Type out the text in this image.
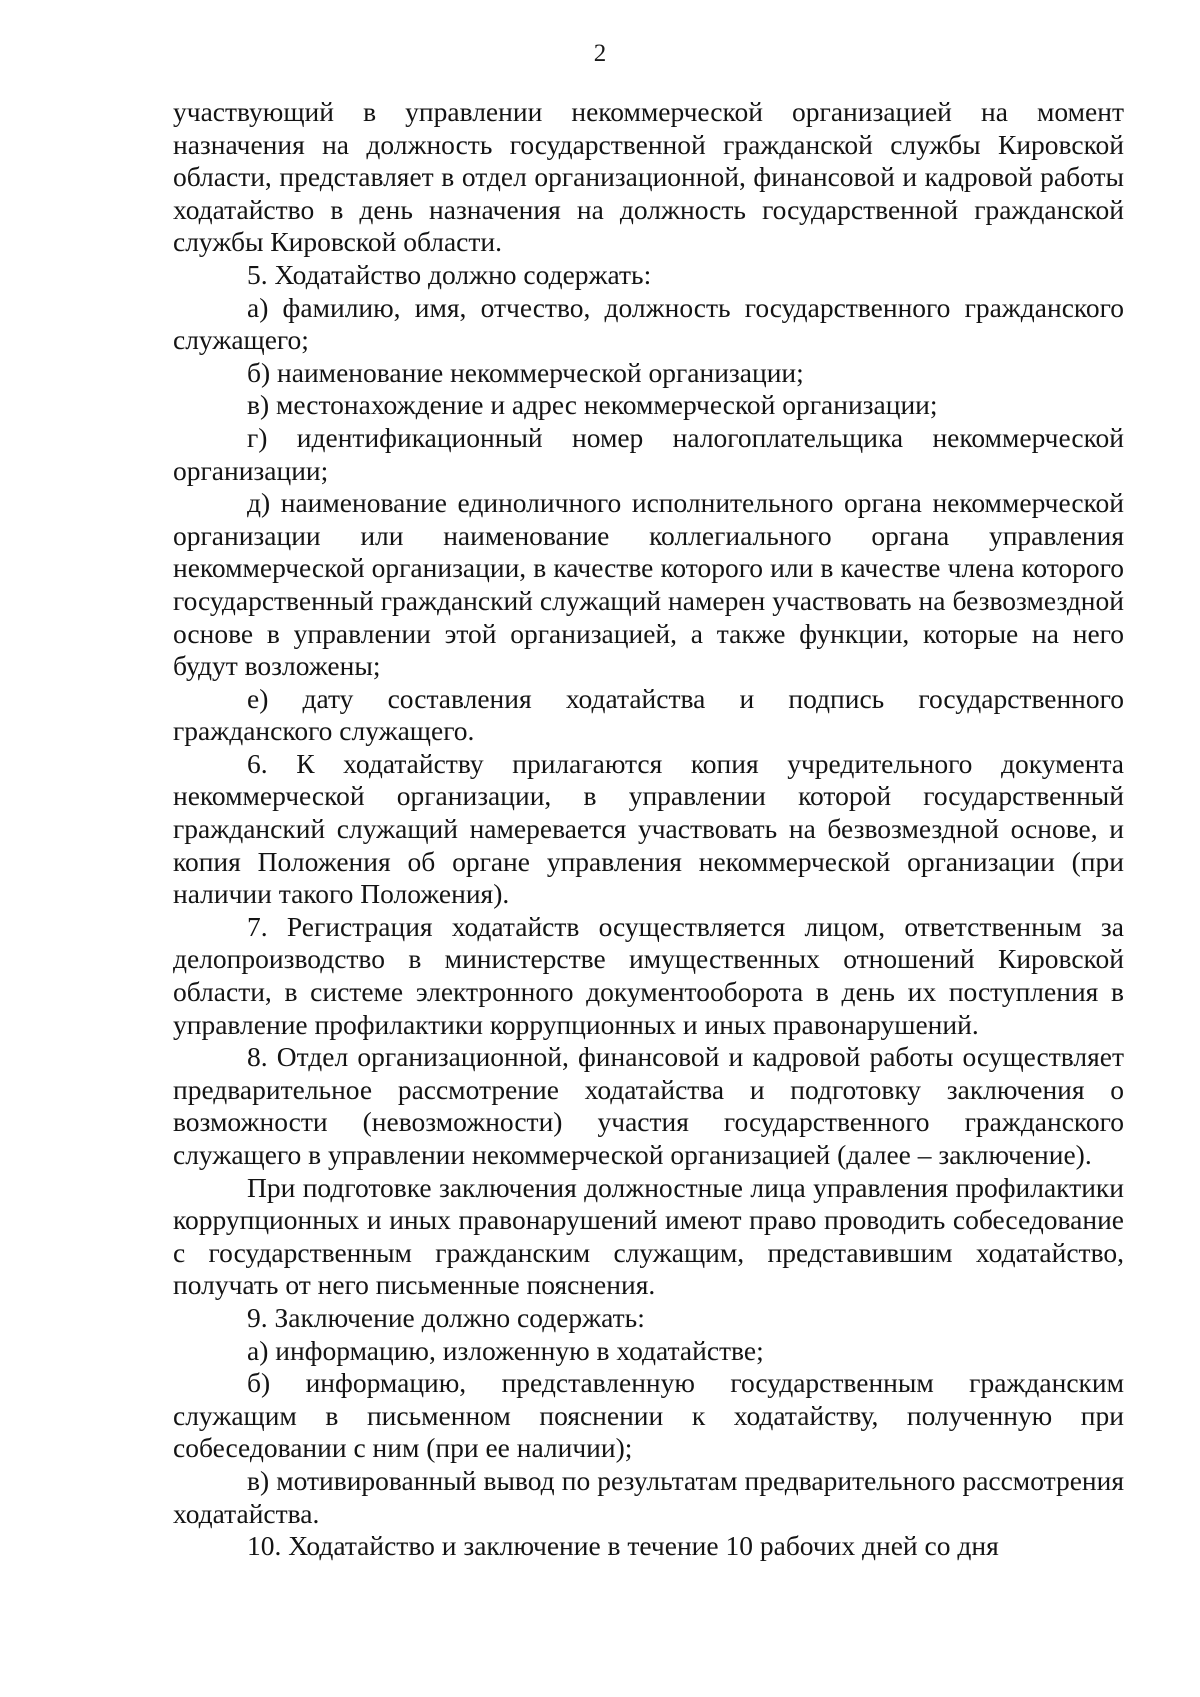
2

участвующий в управлении некоммерческой организацией на момент назначения на должность государственной гражданской службы Кировской области, представляет в отдел организационной, финансовой и кадровой работы ходатайство в день назначения на должность государственной гражданской службы Кировской области.

5. Ходатайство должно содержать:

а) фамилию, имя, отчество, должность государственного гражданского служащего;

б) наименование некоммерческой организации;

в) местонахождение и адрес некоммерческой организации;

г) идентификационный номер налогоплательщика некоммерческой организации;

д) наименование единоличного исполнительного органа некоммерческой организации или наименование коллегиального органа управления некоммерческой организации, в качестве которого или в качестве члена которого государственный гражданский служащий намерен участвовать на безвозмездной основе в управлении этой организацией, а также функции, которые на него будут возложены;

е) дату составления ходатайства и подпись государственного гражданского служащего.

6. К ходатайству прилагаются копия учредительного документа некоммерческой организации, в управлении которой государственный гражданский служащий намеревается участвовать на безвозмездной основе, и копия Положения об органе управления некоммерческой организации (при наличии такого Положения).

7. Регистрация ходатайств осуществляется лицом, ответственным за делопроизводство в министерстве имущественных отношений Кировской области, в системе электронного документооборота в день их поступления в управление профилактики коррупционных и иных правонарушений.

8. Отдел организационной, финансовой и кадровой работы осуществляет предварительное рассмотрение ходатайства и подготовку заключения о возможности (невозможности) участия государственного гражданского служащего в управлении некоммерческой организацией (далее – заключение).

При подготовке заключения должностные лица управления профилактики коррупционных и иных правонарушений имеют право проводить собеседование с государственным гражданским служащим, представившим ходатайство, получать от него письменные пояснения.

9. Заключение должно содержать:

а) информацию, изложенную в ходатайстве;

б) информацию, представленную государственным гражданским служащим в письменном пояснении к ходатайству, полученную при собеседовании с ним (при ее наличии);

в) мотивированный вывод по результатам предварительного рассмотрения ходатайства.

10. Ходатайство и заключение в течение 10 рабочих дней со дня
